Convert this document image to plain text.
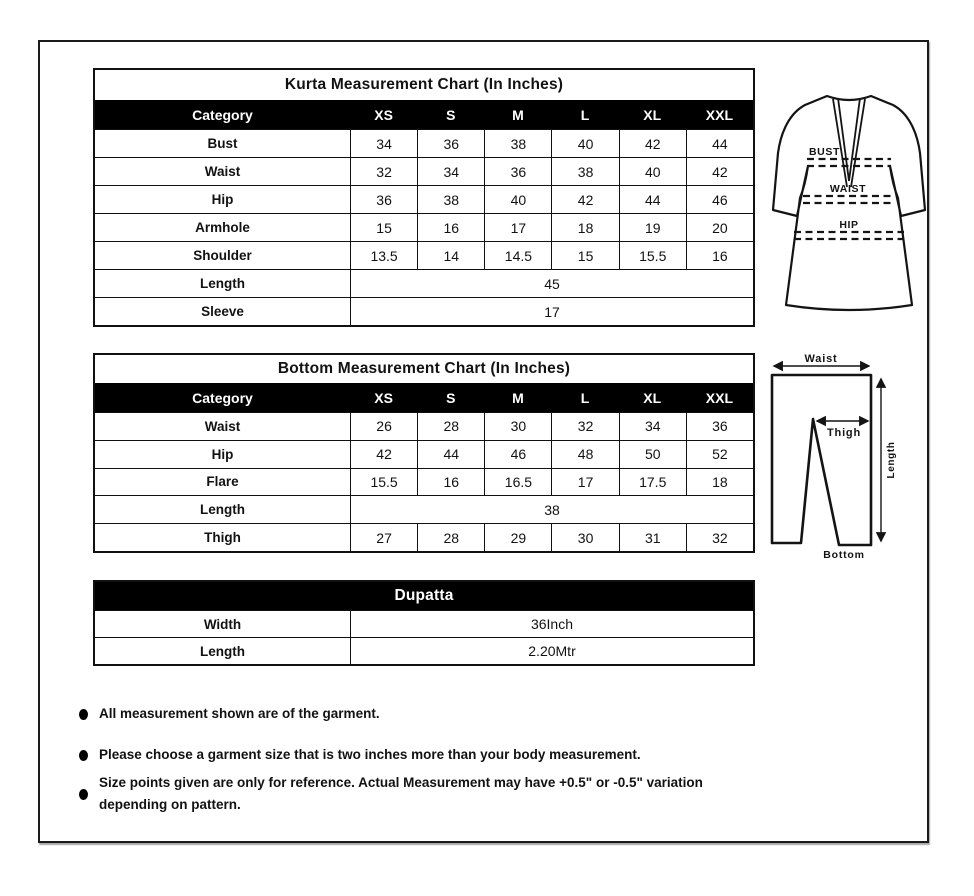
Kurta Measurement Chart (In Inches)
Category	XS	S	M	L	XL	XXL
Bust	34	36	38	40	42	44
Waist	32	34	36	38	40	42
Hip	36	38	40	42	44	46
Armhole	15	16	17	18	19	20
Shoulder	13.5	14	14.5	15	15.5	16
Length	45
Sleeve	17
Bottom Measurement Chart (In Inches)
Category	XS	S	M	L	XL	XXL
Waist	26	28	30	32	34	36
Hip	42	44	46	48	50	52
Flare	15.5	16	16.5	17	17.5	18
Length	38
Thigh	27	28	29	30	31	32
Dupatta
Width	36Inch
Length	2.20Mtr
BUST
WAIST
HIP
Waist
Thigh
Length
Bottom
All measurement shown are of the garment.
Please choose a garment size that is two inches more than your body measurement.
Size points given are only for reference. Actual Measurement may have +0.5" or -0.5" variation depending on pattern.
